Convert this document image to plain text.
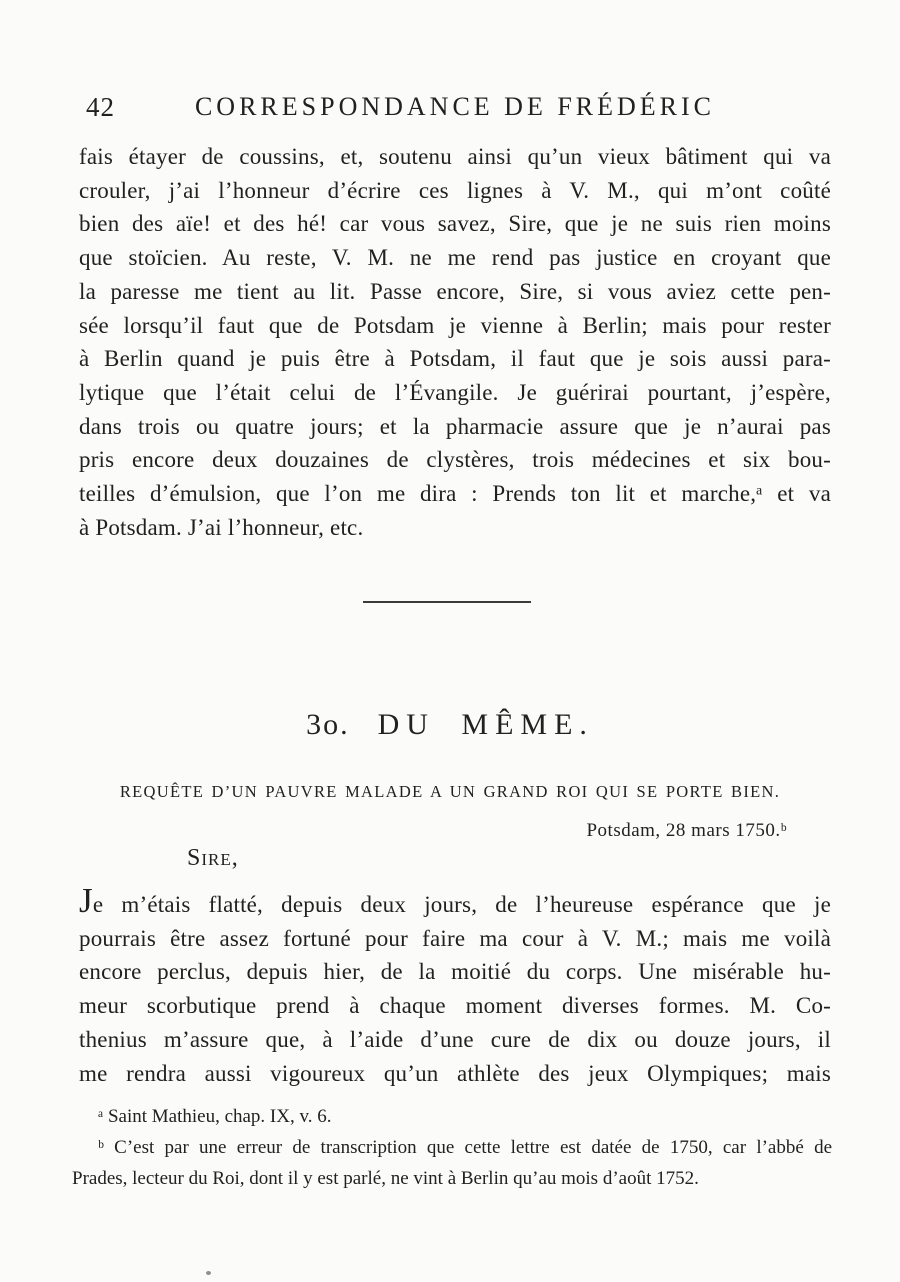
42	CORRESPONDANCE DE FRÉDÉRIC
fais étayer de coussins, et, soutenu ainsi qu’un vieux bâtiment qui va
crouler, j’ai l’honneur d’écrire ces lignes à V. M., qui m’ont coûté
bien des aïe! et des hé! car vous savez, Sire, que je ne suis rien moins
que stoïcien. Au reste, V. M. ne me rend pas justice en croyant que
la paresse me tient au lit. Passe encore, Sire, si vous aviez cette pen-
sée lorsqu’il faut que de Potsdam je vienne à Berlin; mais pour rester
à Berlin quand je puis être à Potsdam, il faut que je sois aussi para-
lytique que l’était celui de l’Évangile. Je guérirai pourtant, j’espère,
dans trois ou quatre jours; et la pharmacie assure que je n’aurai pas
pris encore deux douzaines de clystères, trois médecines et six bou-
teilles d’émulsion, que l’on me dira : Prends ton lit et marche,ᵃ et va
à Potsdam. J’ai l’honneur, etc.
3o. DU MÊME.
REQUÊTE D’UN PAUVRE MALADE A UN GRAND ROI QUI SE PORTE BIEN.
Potsdam, 28 mars 1750.ᵇ
Sire,
Je m’étais flatté, depuis deux jours, de l’heureuse espérance que je
pourrais être assez fortuné pour faire ma cour à V. M.; mais me voilà
encore perclus, depuis hier, de la moitié du corps. Une misérable hu-
meur scorbutique prend à chaque moment diverses formes. M. Co-
thenius m’assure que, à l’aide d’une cure de dix ou douze jours, il
me rendra aussi vigoureux qu’un athlète des jeux Olympiques; mais
ᵃ Saint Mathieu, chap. IX, v. 6.
ᵇ C’est par une erreur de transcription que cette lettre est datée de 1750, car l’abbé de
Prades, lecteur du Roi, dont il y est parlé, ne vint à Berlin qu’au mois d’août 1752.
